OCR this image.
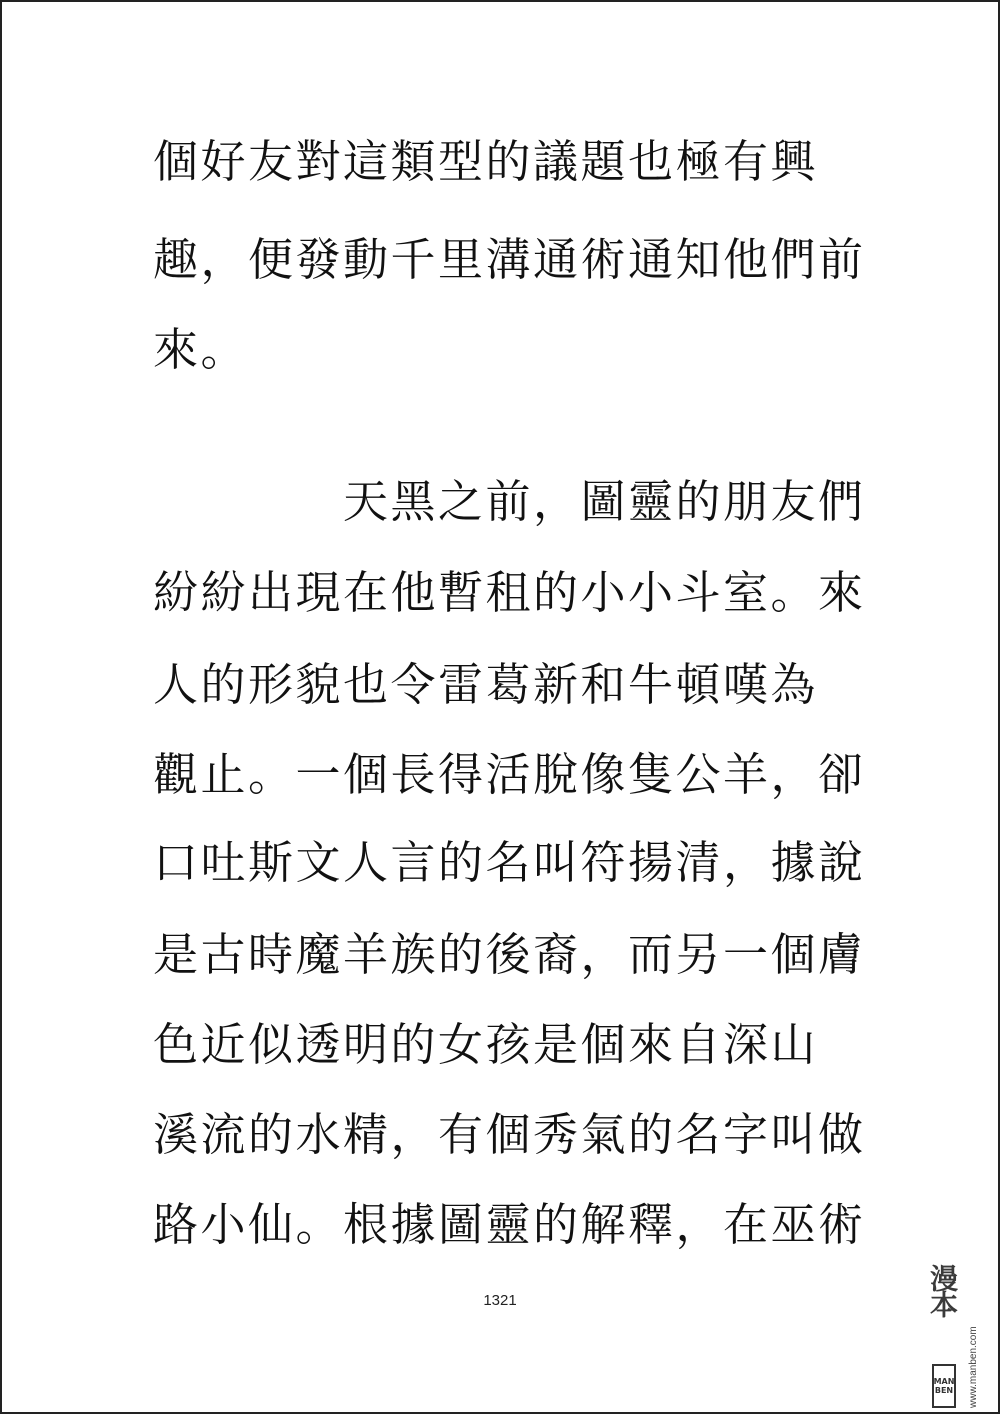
個好友對這類型的議題也極有興
趣，便發動千里溝通術通知他們前
來。
天黑之前，圖靈的朋友們
紛紛出現在他暫租的小小斗室。來
人的形貌也令雷葛新和牛頓嘆為
觀止。一個長得活脫像隻公羊，卻
口吐斯文人言的名叫符揚清，據說
是古時魔羊族的後裔，而另一個膚
色近似透明的女孩是個來自深山
溪流的水精，有個秀氣的名字叫做
路小仙。根據圖靈的解釋，在巫術
1321	漫本
MAN
BEN www.manben.com
